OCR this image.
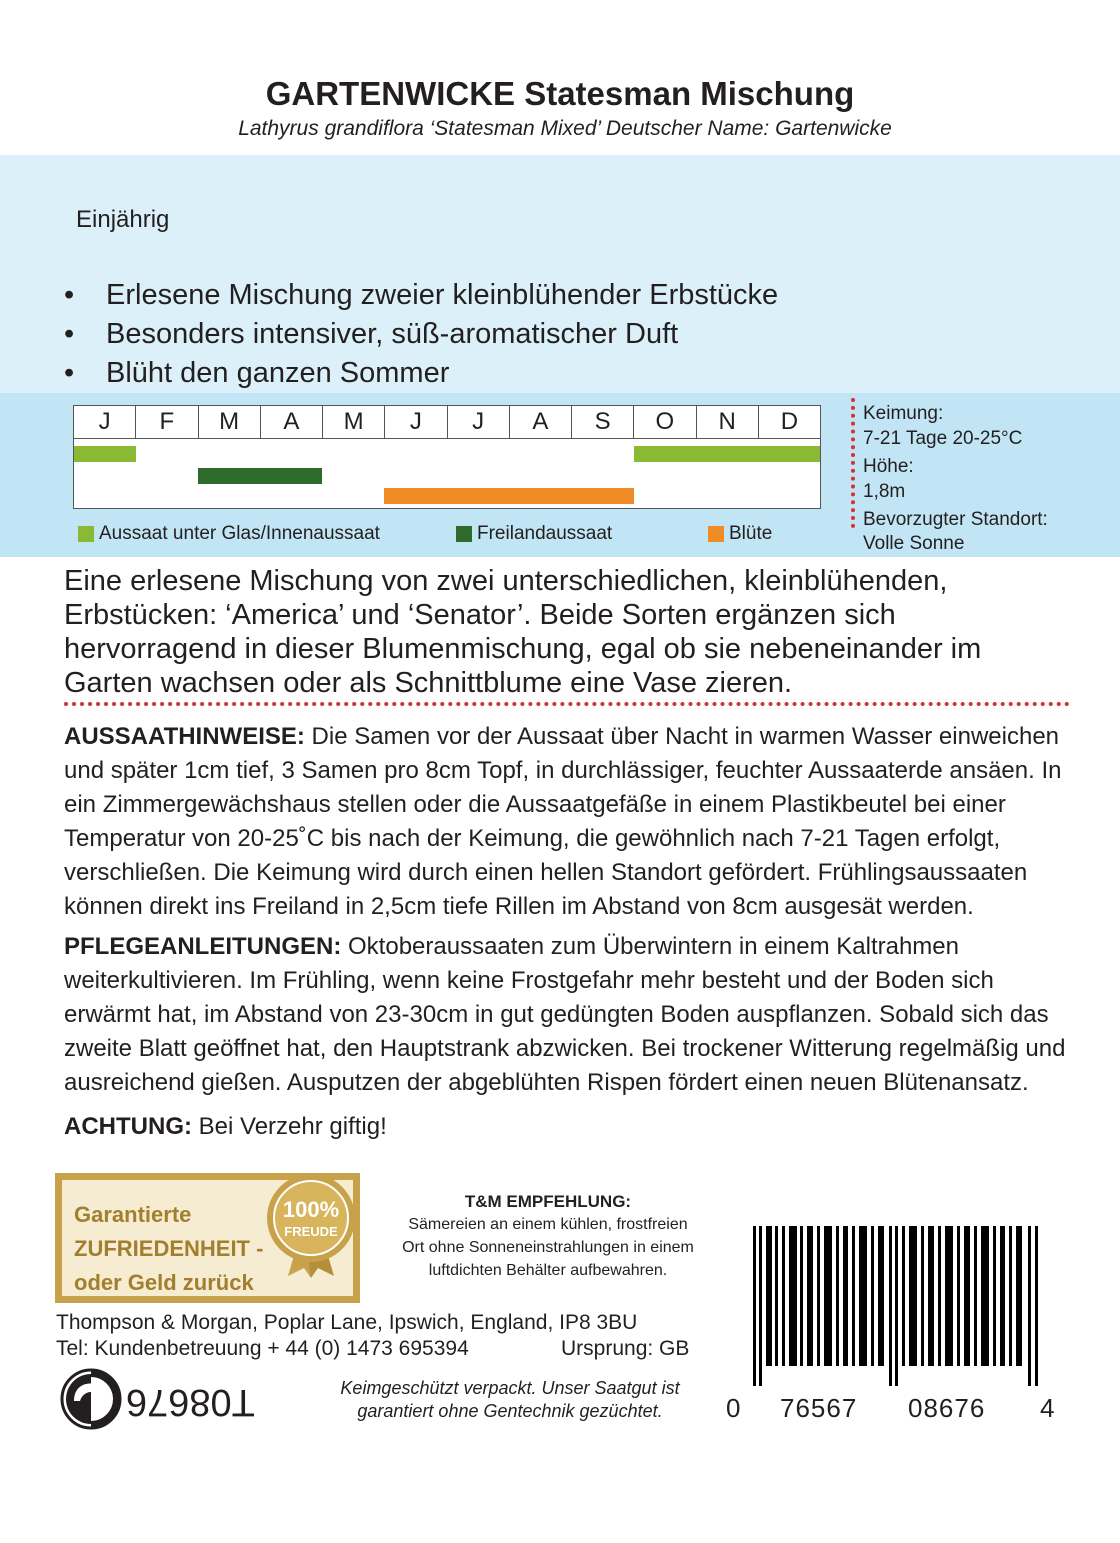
GARTENWICKE Statesman Mischung
Lathyrus grandiflora ‘Statesman Mixed’ Deutscher Name: Gartenwicke
Einjährig
• Erlesene Mischung zweier kleinblühender Erbstücke
• Besonders intensiver, süß-aromatischer Duft
• Blüht den ganzen Sommer
J	F	M	A	M	J	J	A	S	O	N	D
Aussaat unter Glas/Innenaussaat	Freilandaussaat	Blüte
Keimung:
7-21 Tage 20-25°C
Höhe:
1,8m
Bevorzugter Standort:
Volle Sonne
Eine erlesene Mischung von zwei unterschiedlichen, kleinblühenden, Erbstücken: ‘America’ und ‘Senator’. Beide Sorten ergänzen sich hervorragend in dieser Blumenmischung, egal ob sie nebeneinander im Garten wachsen oder als Schnittblume eine Vase zieren.
AUSSAATHINWEISE: Die Samen vor der Aussaat über Nacht in warmen Wasser einweichen und später 1cm tief, 3 Samen pro 8cm Topf, in durchlässiger, feuchter Aussaaterde ansäen. In ein Zimmergewächshaus stellen oder die Aussaatgefäße in einem Plastikbeutel bei einer Temperatur von 20-25˚C bis nach der Keimung, die gewöhnlich nach 7-21 Tagen erfolgt, verschließen. Die Keimung wird durch einen hellen Standort gefördert. Frühlingsaussaaten können direkt ins Freiland in 2,5cm tiefe Rillen im Abstand von 8cm ausgesät werden.
PFLEGEANLEITUNGEN: Oktoberaussaaten zum Überwintern in einem Kaltrahmen weiterkultivieren. Im Frühling, wenn keine Frostgefahr mehr besteht und der Boden sich erwärmt hat, im Abstand von 23-30cm in gut gedüngten Boden auspflanzen. Sobald sich das zweite Blatt geöffnet hat, den Hauptstrank abzwicken. Bei trockener Witterung regelmäßig und ausreichend gießen. Ausputzen der abgeblühten Rispen fördert einen neuen Blütenansatz.
ACHTUNG: Bei Verzehr giftig!
Garantierte
ZUFRIEDENHEIT -
oder Geld zurück
100%
FREUDE
T&M EMPFEHLUNG:
Sämereien an einem kühlen, frostfreien
Ort ohne Sonneneinstrahlungen in einem
luftdichten Behälter aufbewahren.
Thompson & Morgan, Poplar Lane, Ipswich, England, IP8 3BU
Tel: Kundenbetreuung + 44 (0) 1473 695394	Ursprung: GB
T08676	Keimgeschützt verpackt. Unser Saatgut ist
garantiert ohne Gentechnik gezüchtet.	0 76567 08676 4
